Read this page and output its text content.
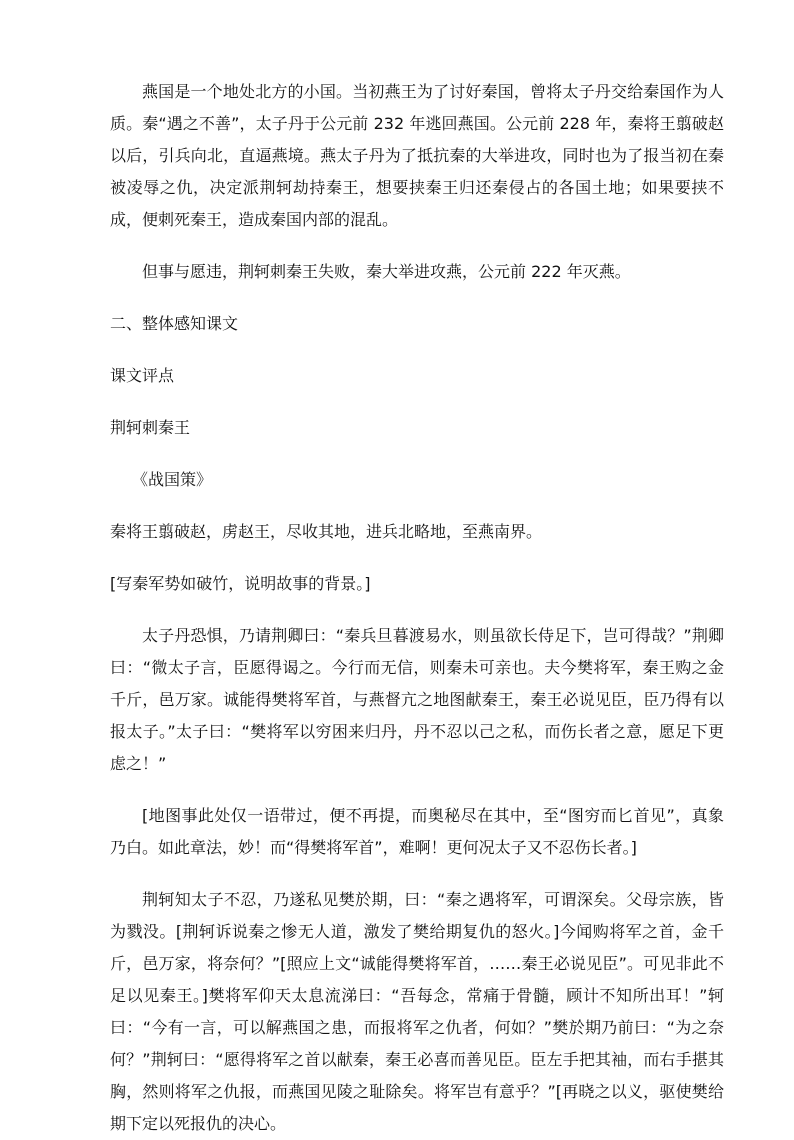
燕国是一个地处北方的小国。当初燕王为了讨好秦国，曾将太子丹交给秦国作为人质。秦“遇之不善”，太子丹于公元前 232 年逃回燕国。公元前 228 年，秦将王翦破赵以后，引兵向北，直逼燕境。燕太子丹为了抵抗秦的大举进攻，同时也为了报当初在秦被凌辱之仇，决定派荆轲劫持秦王，想要挟秦王归还秦侵占的各国土地；如果要挟不成，便刺死秦王，造成秦国内部的混乱。

但事与愿违，荆轲刺秦王失败，秦大举进攻燕，公元前 222 年灭燕。

二、整体感知课文

课文评点

荆轲刺秦王

《战国策》

秦将王翦破赵，虏赵王，尽收其地，进兵北略地，至燕南界。

[写秦军势如破竹，说明故事的背景。]

太子丹恐惧，乃请荆卿曰：“秦兵旦暮渡易水，则虽欲长侍足下，岂可得哉？”荆卿曰：“微太子言，臣愿得谒之。今行而无信，则秦未可亲也。夫今樊将军，秦王购之金千斤，邑万家。诚能得樊将军首，与燕督亢之地图献秦王，秦王必说见臣，臣乃得有以报太子。”太子曰：“樊将军以穷困来归丹，丹不忍以己之私，而伤长者之意，愿足下更虑之！”

[地图事此处仅一语带过，便不再提，而奥秘尽在其中，至“图穷而匕首见”，真象乃白。如此章法，妙！而“得樊将军首”，难啊！更何况太子又不忍伤长者。]

荆轲知太子不忍，乃遂私见樊於期，曰：“秦之遇将军，可谓深矣。父母宗族，皆为戮没。[荆轲诉说秦之惨无人道，激发了樊给期复仇的怒火。]今闻购将军之首，金千斤，邑万家，将奈何？”[照应上文“诚能得樊将军首，……秦王必说见臣”。可见非此不足以见秦王。]樊将军仰天太息流涕曰：“吾每念，常痛于骨髓，顾计不知所出耳！”轲曰：“今有一言，可以解燕国之患，而报将军之仇者，何如？”樊於期乃前曰：“为之奈何？”荆轲曰：“愿得将军之首以献秦，秦王必喜而善见臣。臣左手把其袖，而右手揕其胸，然则将军之仇报，而燕国见陵之耻除矣。将军岂有意乎？”[再晓之以义，驱使樊给期下定以死报仇的决心。
